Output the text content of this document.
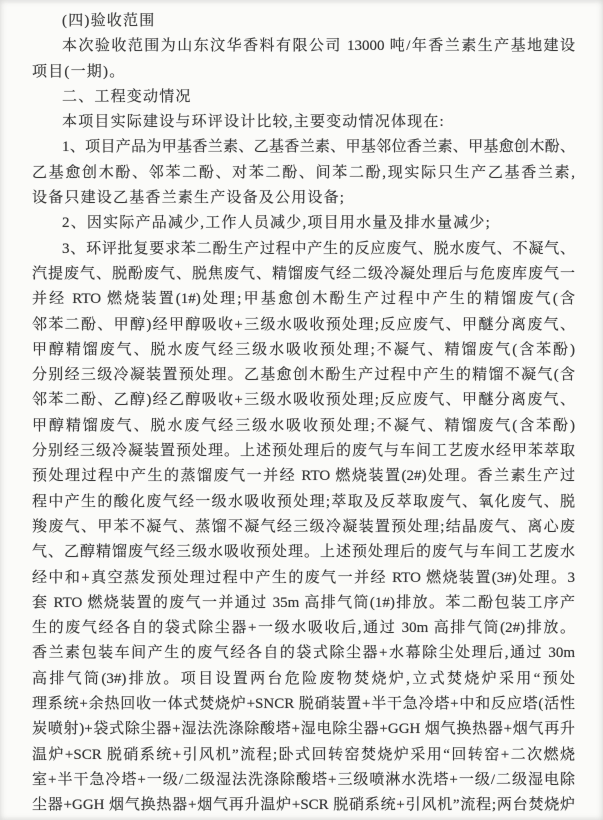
(四)验收范围
本次验收范围为山东汶华香料有限公司 13000 吨/年香兰素生产基地建设
项目(一期)。
二、工程变动情况
本项目实际建设与环评设计比较,主要变动情况体现在:
1、项目产品为甲基香兰素、乙基香兰素、甲基邻位香兰素、甲基愈创木酚、
乙基愈创木酚、邻苯二酚、对苯二酚、间苯二酚,现实际只生产乙基香兰素,
设备只建设乙基香兰素生产设备及公用设备;
2、因实际产品减少,工作人员减少,项目用水量及排水量减少;
3、环评批复要求苯二酚生产过程中产生的反应废气、脱水废气、不凝气、
汽提废气、脱酚废气、脱焦废气、精馏废气经二级冷凝处理后与危废库废气一
并经 RTO 燃烧装置(1#)处理;甲基愈创木酚生产过程中产生的精馏废气(含
邻苯二酚、甲醇)经甲醇吸收+三级水吸收预处理;反应废气、甲醚分离废气、
甲醇精馏废气、脱水废气经三级水吸收预处理;不凝气、精馏废气(含苯酚)
分别经三级冷凝装置预处理。乙基愈创木酚生产过程中产生的精馏不凝气(含
邻苯二酚、乙醇)经乙醇吸收+三级水吸收预处理;反应废气、甲醚分离废气、
甲醇精馏废气、脱水废气经三级水吸收预处理;不凝气、精馏废气(含苯酚)
分别经三级冷凝装置预处理。上述预处理后的废气与车间工艺废水经甲苯萃取
预处理过程中产生的蒸馏废气一并经 RTO 燃烧装置(2#)处理。香兰素生产过
程中产生的酸化废气经一级水吸收预处理;萃取及反萃取废气、氧化废气、脱
羧废气、甲苯不凝气、蒸馏不凝气经三级冷凝装置预处理;结晶废气、离心废
气、乙醇精馏废气经三级水吸收预处理。上述预处理后的废气与车间工艺废水
经中和+真空蒸发预处理过程中产生的废气一并经 RTO 燃烧装置(3#)处理。3
套 RTO 燃烧装置的废气一并通过 35m 高排气筒(1#)排放。苯二酚包装工序产
生的废气经各自的袋式除尘器+一级水吸收后,通过 30m 高排气筒(2#)排放。
香兰素包装车间产生的废气经各自的袋式除尘器+水幕除尘处理后,通过 30m
高排气筒(3#)排放。项目设置两台危险废物焚烧炉,立式焚烧炉采用“预处
理系统+余热回收一体式焚烧炉+SNCR 脱硝装置+半干急冷塔+中和反应塔(活性
炭喷射)+袋式除尘器+湿法洗涤除酸塔+湿电除尘器+GGH 烟气换热器+烟气再升
温炉+SCR 脱硝系统+引风机”流程;卧式回转窑焚烧炉采用“回转窑+二次燃烧
室+半干急冷塔+一级/二级湿法洗涤除酸塔+三级喷淋水洗塔+一级/二级湿电除
尘器+GGH 烟气换热器+烟气再升温炉+SCR 脱硝系统+引风机”流程;两台焚烧炉
